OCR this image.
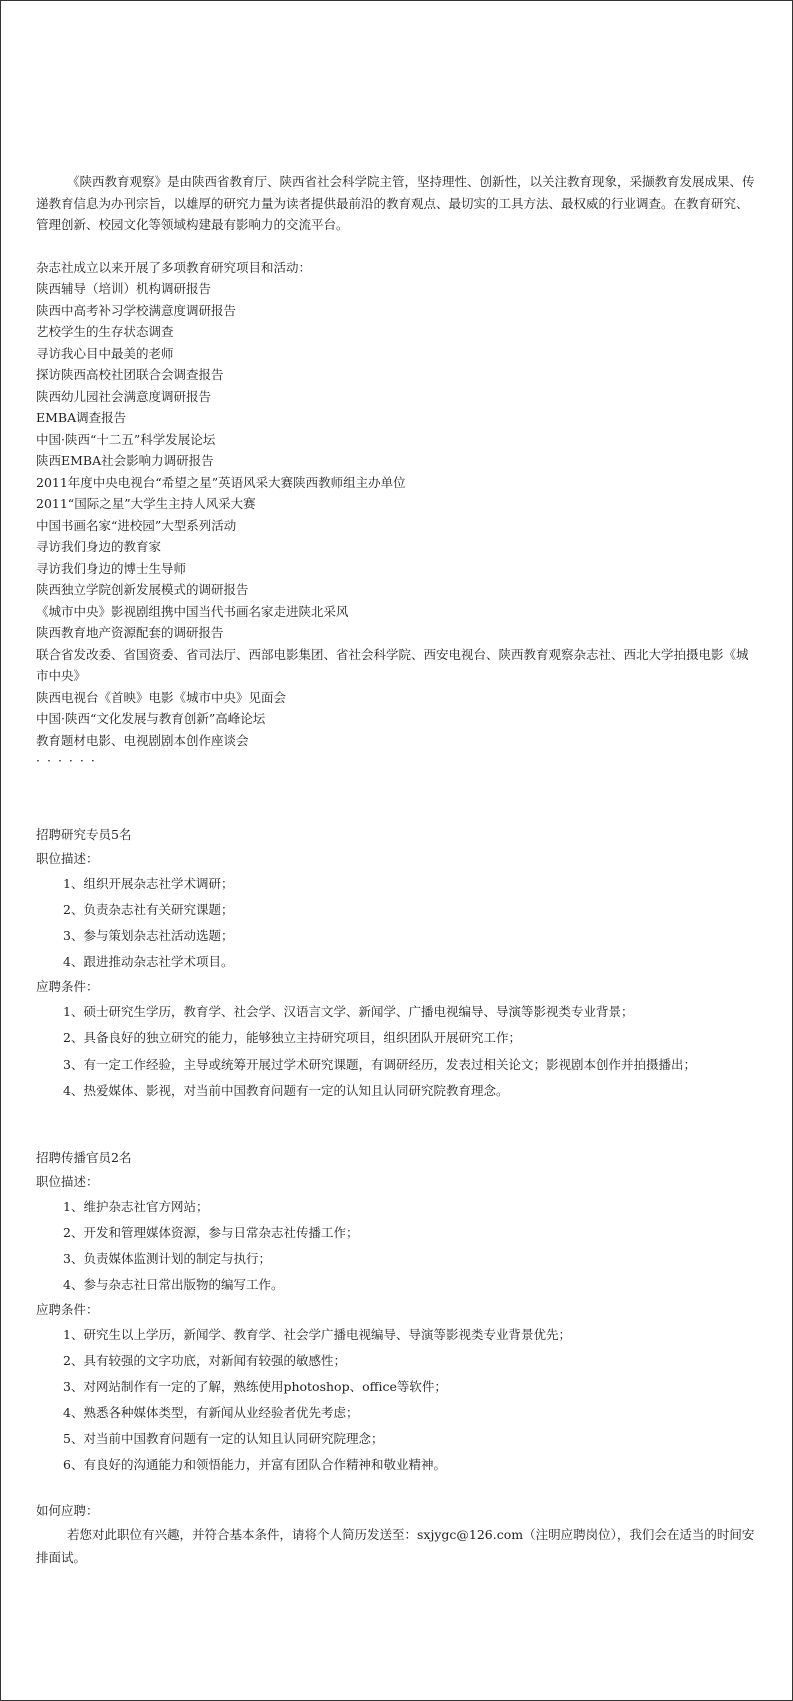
《陕西教育观察》是由陕西省教育厅、陕西省社会科学院主管，坚持理性、创新性，以关注教育现象，采撷教育发展成果、传递教育信息为办刊宗旨，以雄厚的研究力量为读者提供最前沿的教育观点、最切实的工具方法、最权威的行业调查。在教育研究、管理创新、校园文化等领域构建最有影响力的交流平台。

杂志社成立以来开展了多项教育研究项目和活动：

陕西辅导（培训）机构调研报告

陕西中高考补习学校满意度调研报告

艺校学生的生存状态调查

寻访我心目中最美的老师

探访陕西高校社团联合会调查报告

陕西幼儿园社会满意度调研报告

EMBA调查报告

中国·陕西“十二五”科学发展论坛

陕西EMBA社会影响力调研报告

2011年度中央电视台“希望之星”英语风采大赛陕西教师组主办单位

2011“国际之星”大学生主持人风采大赛

中国书画名家“进校园”大型系列活动

寻访我们身边的教育家

寻访我们身边的博士生导师

陕西独立学院创新发展模式的调研报告

《城市中央》影视剧组携中国当代书画名家走进陕北采风

陕西教育地产资源配套的调研报告

联合省发改委、省国资委、省司法厅、西部电影集团、省社会科学院、西安电视台、陕西教育观察杂志社、西北大学拍摄电影《城市中央》

陕西电视台《首映》电影《城市中央》见面会

中国·陕西“文化发展与教育创新”高峰论坛

教育题材电影、电视剧剧本创作座谈会

······

招聘研究专员5名

职位描述：

1、组织开展杂志社学术调研；

2、负责杂志社有关研究课题；

3、参与策划杂志社活动选题；

4、跟进推动杂志社学术项目。

应聘条件：

1、硕士研究生学历，教育学、社会学、汉语言文学、新闻学、广播电视编导、导演等影视类专业背景；

2、具备良好的独立研究的能力，能够独立主持研究项目，组织团队开展研究工作；

3、有一定工作经验，主导或统筹开展过学术研究课题，有调研经历，发表过相关论文；影视剧本创作并拍摄播出；

4、热爱媒体、影视，对当前中国教育问题有一定的认知且认同研究院教育理念。

招聘传播官员2名

职位描述：

1、维护杂志社官方网站；

2、开发和管理媒体资源，参与日常杂志社传播工作；

3、负责媒体监测计划的制定与执行；

4、参与杂志社日常出版物的编写工作。

应聘条件：

1、研究生以上学历，新闻学、教育学、社会学广播电视编导、导演等影视类专业背景优先；

2、具有较强的文字功底，对新闻有较强的敏感性；

3、对网站制作有一定的了解，熟练使用photoshop、office等软件；

4、熟悉各种媒体类型，有新闻从业经验者优先考虑；

5、对当前中国教育问题有一定的认知且认同研究院理念；

6、有良好的沟通能力和领悟能力，并富有团队合作精神和敬业精神。

如何应聘：

若您对此职位有兴趣，并符合基本条件，请将个人简历发送至：sxjygc@126.com（注明应聘岗位），我们会在适当的时间安排面试。
